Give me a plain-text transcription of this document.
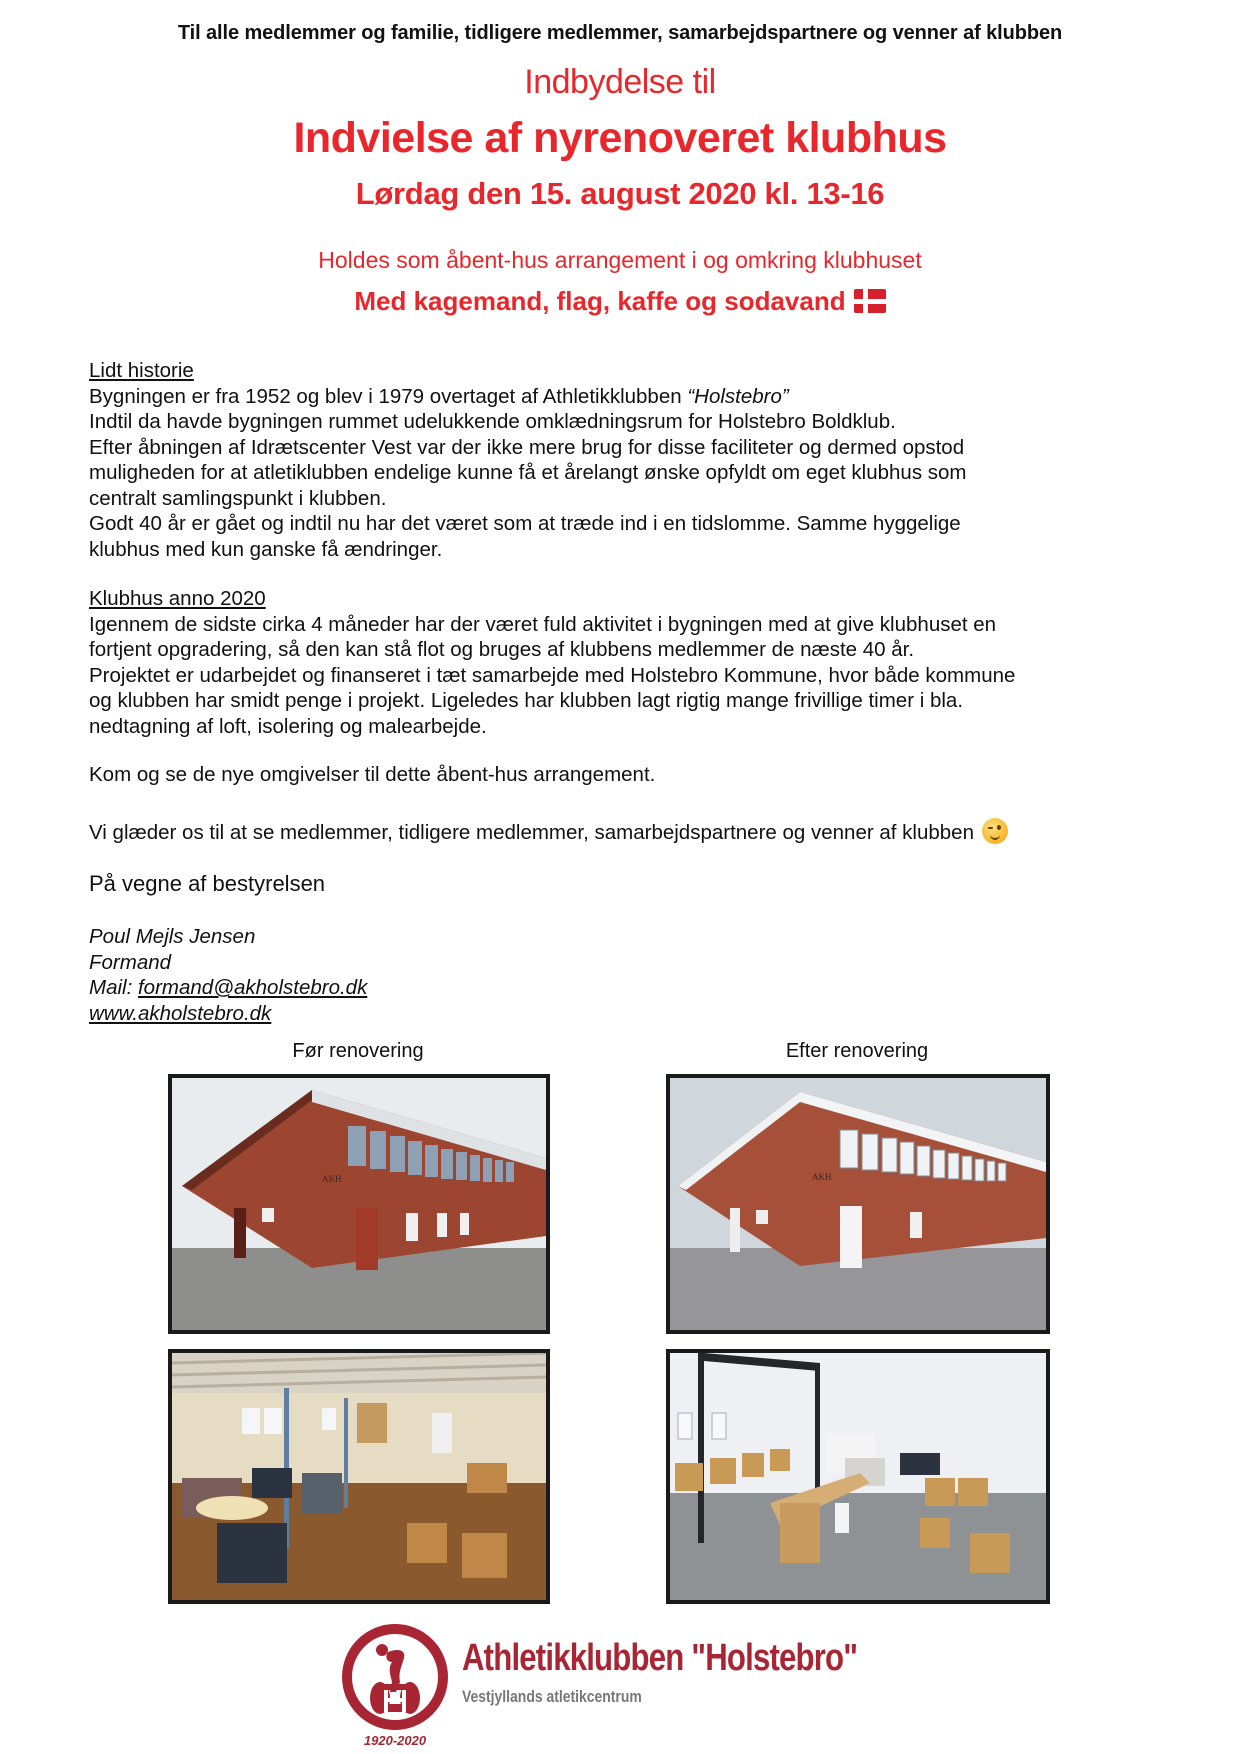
Til alle medlemmer og familie, tidligere medlemmer, samarbejdspartnere og venner af klubben
Indbydelse til
Indvielse af nyrenoveret klubhus
Lørdag den 15. august 2020 kl. 13-16
Holdes som åbent-hus arrangement i og omkring klubhuset
Med kagemand, flag, kaffe og sodavand

Lidt historie

Bygningen er fra 1952 og blev i 1979 overtaget af Athletikklubben “Holstebro”

Indtil da havde bygningen rummet udelukkende omklædningsrum for Holstebro Boldklub.

Efter åbningen af Idrætscenter Vest var der ikke mere brug for disse faciliteter og dermed opstod

muligheden for at atletiklubben endelige kunne få et årelangt ønske opfyldt om eget klubhus som

centralt samlingspunkt i klubben.

Godt 40 år er gået og indtil nu har det været som at træde ind i en tidslomme. Samme hyggelige

klubhus med kun ganske få ændringer.

Klubhus anno 2020

Igennem de sidste cirka 4 måneder har der været fuld aktivitet i bygningen med at give klubhuset en

fortjent opgradering, så den kan stå flot og bruges af klubbens medlemmer de næste 40 år.

Projektet er udarbejdet og finanseret i tæt samarbejde med Holstebro Kommune, hvor både kommune

og klubben har smidt penge i projekt. Ligeledes har klubben lagt rigtig mange frivillige timer i bla.

nedtagning af loft, isolering og malearbejde.

Kom og se de nye omgivelser til dette åbent-hus arrangement.
Vi glæder os til at se medlemmer, tidligere medlemmer, samarbejdspartnere og venner af klubben
På vegne af bestyrelsen

Poul Mejls Jensen

Formand

Mail: formand@akholstebro.dk

www.akholstebro.dk

Før renovering	Efter renovering
AKH	AKH
1920-2020
Athletikklubben "Holstebro"
Vestjyllands atletikcentrum
